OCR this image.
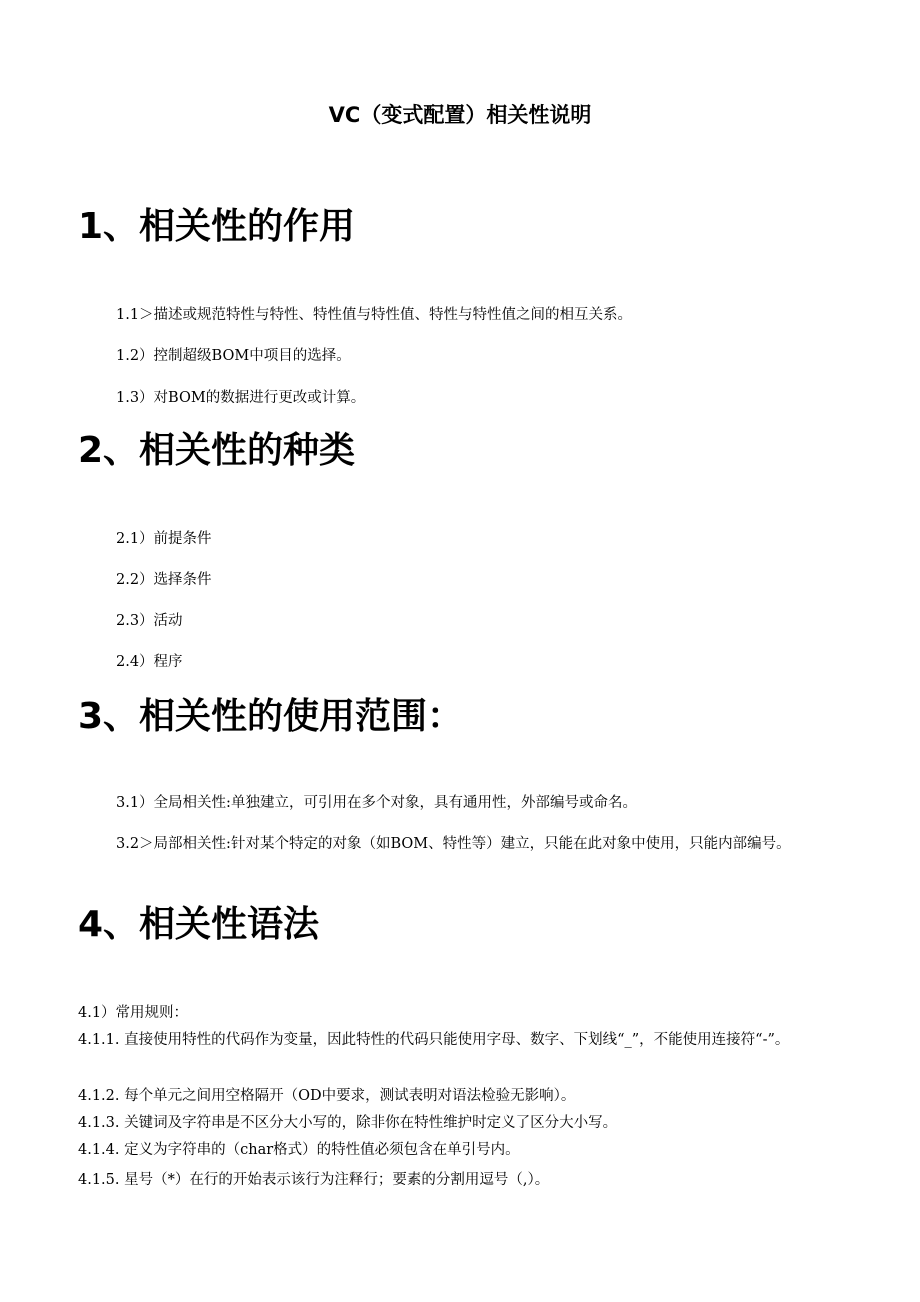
VC（变式配置）相关性说明
1、相关性的作用
1.1＞描述或规范特性与特性、特性值与特性值、特性与特性值之间的相互关系。
1.2）控制超级BOM中项目的选择。
1.3）对BOM的数据进行更改或计算。
2、相关性的种类
2.1）前提条件
2.2）选择条件
2.3）活动
2.4）程序
3、相关性的使用范围：
3.1）全局相关性:单独建立，可引用在多个对象，具有通用性，外部编号或命名。
3.2＞局部相关性:针对某个特定的对象（如BOM、特性等）建立，只能在此对象中使用，只能内部编号。
4、相关性语法
4.1）常用规则：
4.1.1. 直接使用特性的代码作为变量，因此特性的代码只能使用字母、数字、下划线“_”，不能使用连接符“-”。
4.1.2. 每个单元之间用空格隔开（OD中要求，测试表明对语法检验无影响）。
4.1.3. 关键词及字符串是不区分大小写的，除非你在特性维护时定义了区分大小写。
4.1.4. 定义为字符串的（char格式）的特性值必须包含在单引号内。
4.1.5. 星号（*）在行的开始表示该行为注释行；要素的分割用逗号（,）。
